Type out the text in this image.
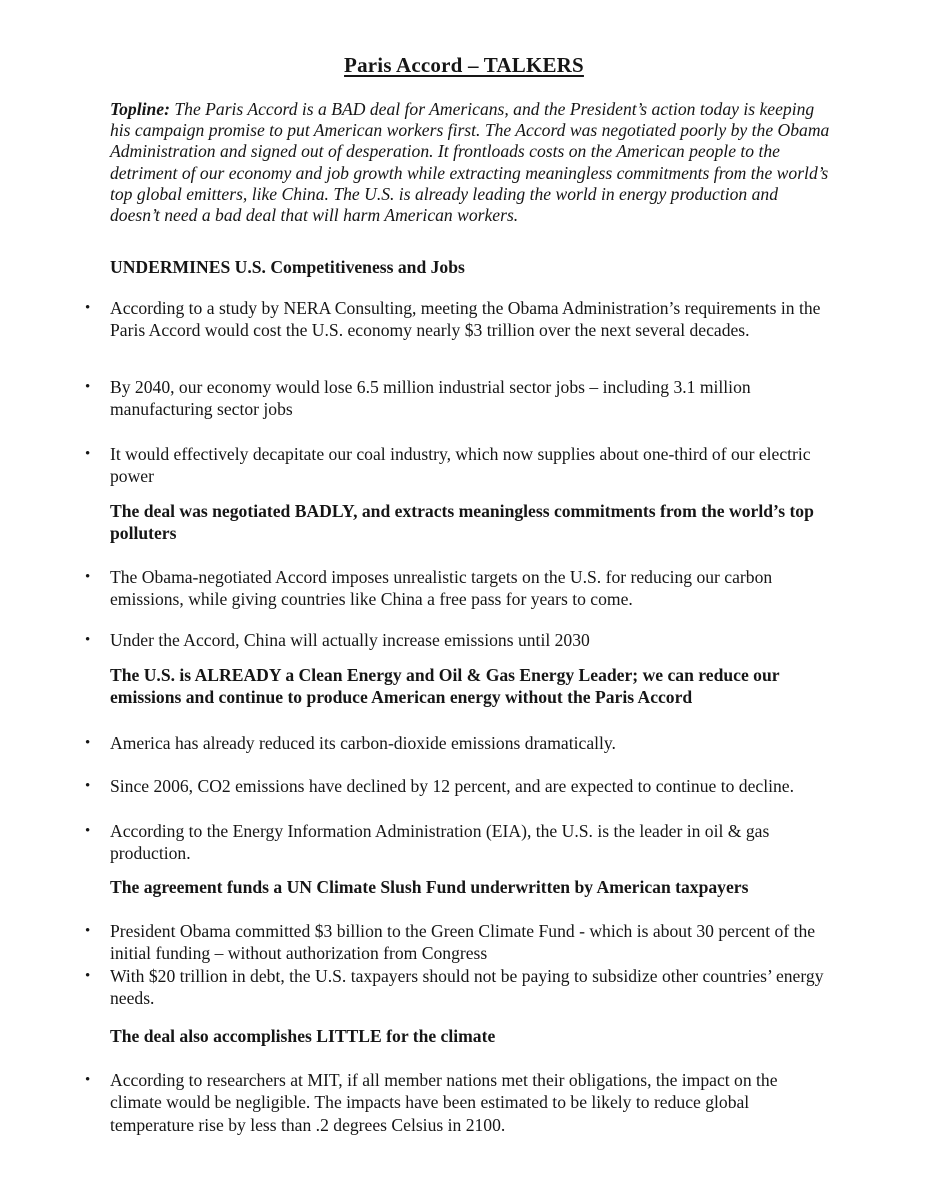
Paris Accord – TALKERS
Topline: The Paris Accord is a BAD deal for Americans, and the President’s action today is keeping his campaign promise to put American workers first. The Accord was negotiated poorly by the Obama Administration and signed out of desperation. It frontloads costs on the American people to the detriment of our economy and job growth while extracting meaningless commitments from the world’s top global emitters, like China. The U.S. is already leading the world in energy production and doesn’t need a bad deal that will harm American workers.
UNDERMINES U.S. Competitiveness and Jobs
• According to a study by NERA Consulting, meeting the Obama Administration’s requirements in the Paris Accord would cost the U.S. economy nearly $3 trillion over the next several decades.
• By 2040, our economy would lose 6.5 million industrial sector jobs – including 3.1 million manufacturing sector jobs
• It would effectively decapitate our coal industry, which now supplies about one-third of our electric power
The deal was negotiated BADLY, and extracts meaningless commitments from the world’s top polluters
• The Obama-negotiated Accord imposes unrealistic targets on the U.S. for reducing our carbon emissions, while giving countries like China a free pass for years to come.
• Under the Accord, China will actually increase emissions until 2030
The U.S. is ALREADY a Clean Energy and Oil & Gas Energy Leader; we can reduce our emissions and continue to produce American energy without the Paris Accord
• America has already reduced its carbon-dioxide emissions dramatically.
• Since 2006, CO2 emissions have declined by 12 percent, and are expected to continue to decline.
• According to the Energy Information Administration (EIA), the U.S. is the leader in oil & gas production.
The agreement funds a UN Climate Slush Fund underwritten by American taxpayers
• President Obama committed $3 billion to the Green Climate Fund - which is about 30 percent of the initial funding – without authorization from Congress
• With $20 trillion in debt, the U.S. taxpayers should not be paying to subsidize other countries’ energy needs.
The deal also accomplishes LITTLE for the climate
• According to researchers at MIT, if all member nations met their obligations, the impact on the climate would be negligible. The impacts have been estimated to be likely to reduce global temperature rise by less than .2 degrees Celsius in 2100.
